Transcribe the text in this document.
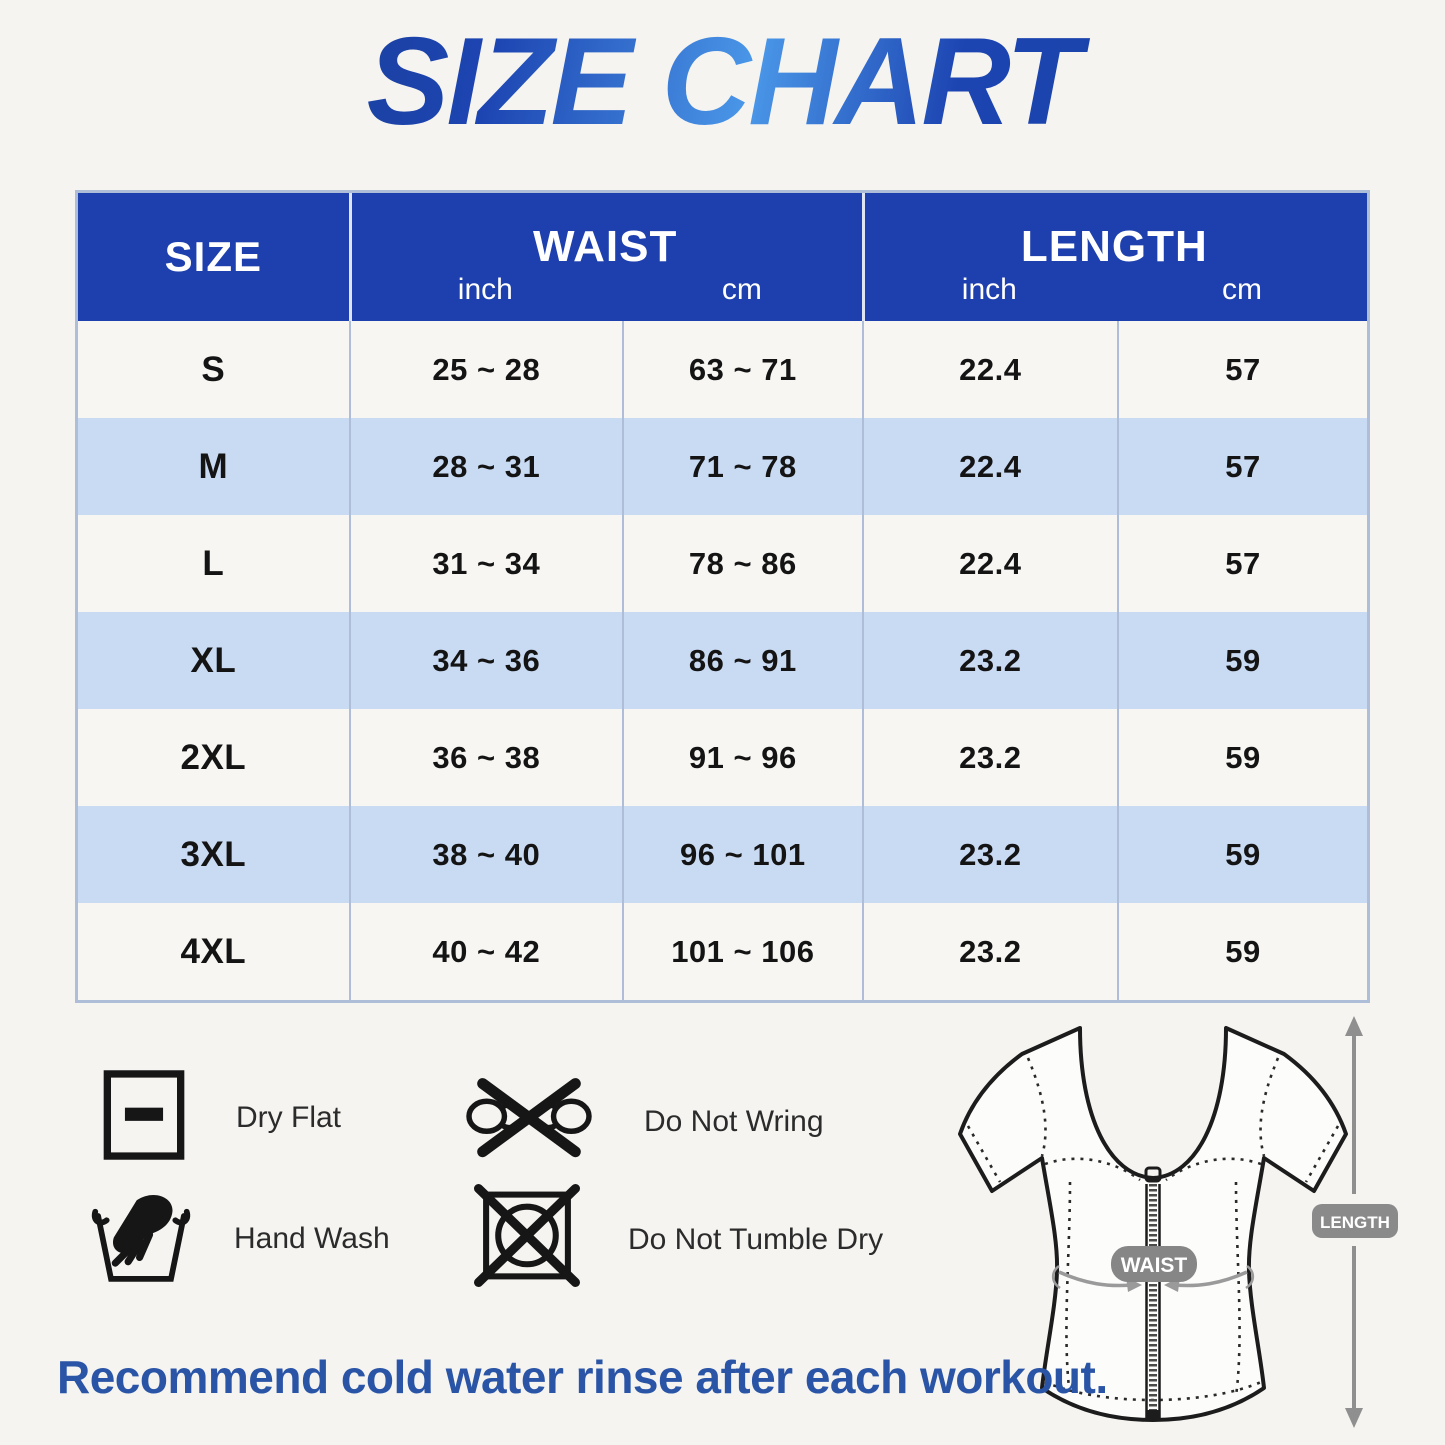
SIZE CHART
SIZE	WAIST	LENGTH
inch	cm	inch	cm
S	25 ~ 28	63 ~ 71	22.4	57
M	28 ~ 31	71 ~ 78	22.4	57
L	31 ~ 34	78 ~ 86	22.4	57
XL	34 ~ 36	86 ~ 91	23.2	59
2XL	36 ~ 38	91 ~ 96	23.2	59
3XL	38 ~ 40	96 ~ 101	23.2	59
4XL	40 ~ 42	101 ~ 106	23.2	59
Dry Flat	Do Not Wring
Hand Wash	Do Not Tumble Dry
WAIST
LENGTH
Recommend cold water rinse after each workout.
